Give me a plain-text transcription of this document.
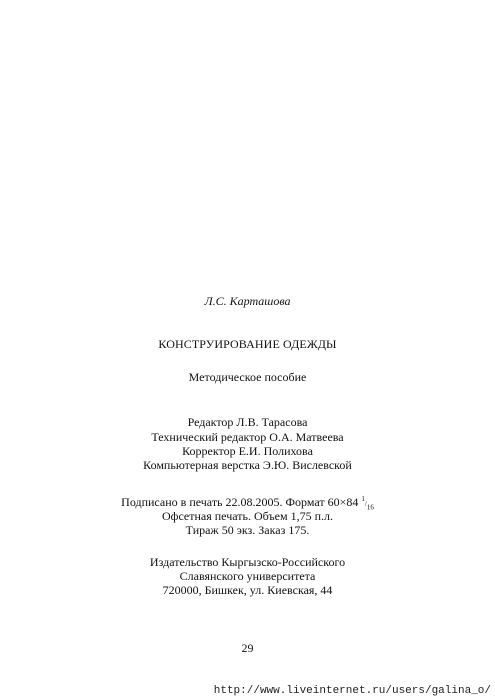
Л.С. Карташова
КОНСТРУИРОВАНИЕ ОДЕЖДЫ
Методическое пособие
Редактор Л.В. Тарасова
Технический редактор О.А. Матвеева
Корректор Е.И. Полихова
Компьютерная верстка Э.Ю. Вислевской
Подписано в печать 22.08.2005. Формат 60×84 $^1/_{16}$
Офсетная печать. Объем 1,75 п.л.
Тираж 50 экз. Заказ 175.
Издательство Кыргызско-Российского
Славянского университета
720000, Бишкек, ул. Киевская, 44
29
http://www.liveinternet.ru/users/galina_o/
